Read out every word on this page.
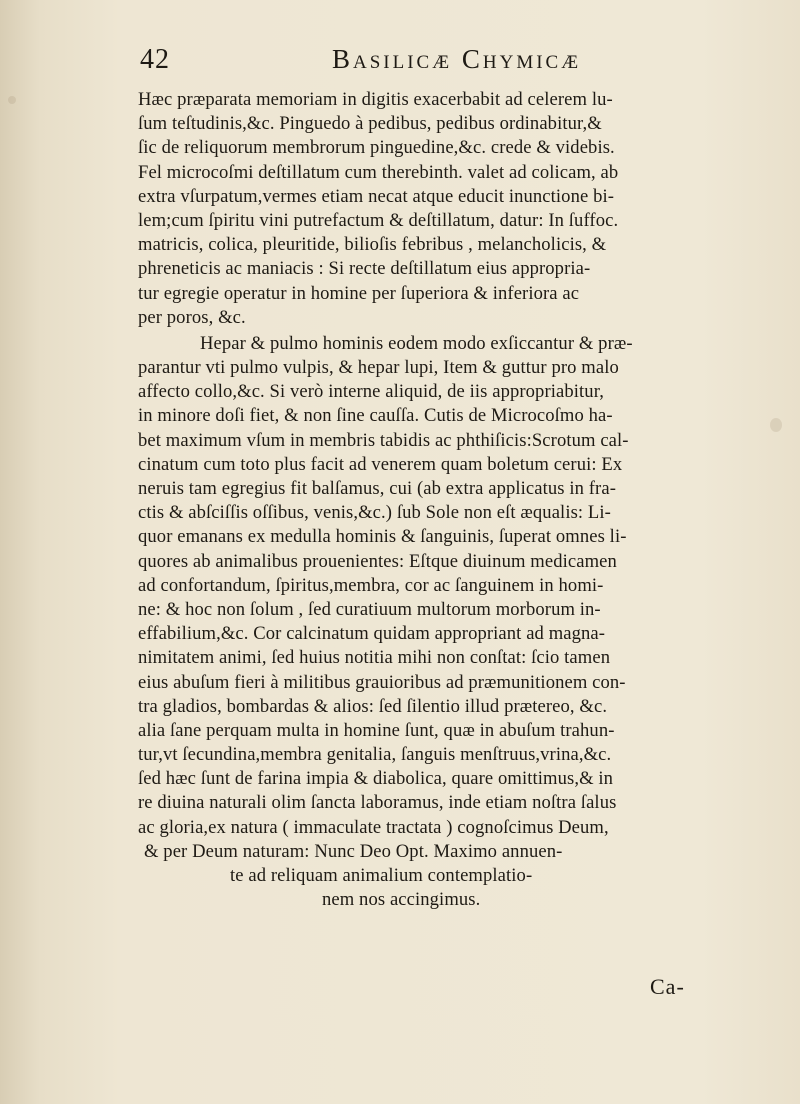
42	Basilicæ Chymicæ
Hæc præparata memoriam in digitis exacerbabit ad celerem lu-
ſum teſtudinis,&c. Pinguedo à pedibus, pedibus ordinabitur,&
ſic de reliquorum membrorum pinguedine,&c. crede & videbis.
Fel microcoſmi deſtillatum cum therebinth. valet ad colicam, ab
extra vſurpatum,vermes etiam necat atque educit inunctione bi-
lem;cum ſpiritu vini putrefactum & deſtillatum, datur: In ſuffoc.
matricis, colica, pleuritide, bilioſis febribus , melancholicis, &
phreneticis ac maniacis : Si recte deſtillatum eius appropria-
tur egregie operatur in homine per ſuperiora & inferiora ac
per poros, &c.
Hepar & pulmo hominis eodem modo exſiccantur & præ-
parantur vti pulmo vulpis, & hepar lupi, Item & guttur pro malo
affecto collo,&c. Si verò interne aliquid, de iis appropriabitur,
in minore doſi fiet, & non ſine cauſſa. Cutis de Microcoſmo ha-
bet maximum vſum in membris tabidis ac phthiſicis:Scrotum cal-
cinatum cum toto plus facit ad venerem quam boletum cerui: Ex
neruis tam egregius fit balſamus, cui (ab extra applicatus in fra-
ctis & abſciſſis oſſibus, venis,&c.) ſub Sole non eſt æqualis: Li-
quor emanans ex medulla hominis & ſanguinis, ſuperat omnes li-
quores ab animalibus prouenientes: Eſtque diuinum medicamen
ad confortandum, ſpiritus,membra, cor ac ſanguinem in homi-
ne: & hoc non ſolum , ſed curatiuum multorum morborum in-
effabilium,&c. Cor calcinatum quidam appropriant ad magna-
nimitatem animi, ſed huius notitia mihi non conſtat: ſcio tamen
eius abuſum fieri à militibus grauioribus ad præmunitionem con-
tra gladios, bombardas & alios: ſed ſilentio illud prætereo, &c.
alia ſane perquam multa in homine ſunt, quæ in abuſum trahun-
tur,vt ſecundina,membra genitalia, ſanguis menſtruus,vrina,&c.
ſed hæc ſunt de farina impia & diabolica, quare omittimus,& in
re diuina naturali olim ſancta laboramus, inde etiam noſtra ſalus
ac gloria,ex natura ( immaculate tractata ) cognoſcimus Deum,
& per Deum naturam: Nunc Deo Opt. Maximo annuen-
te ad reliquam animalium contemplatio-
nem nos accingimus.
Ca-
